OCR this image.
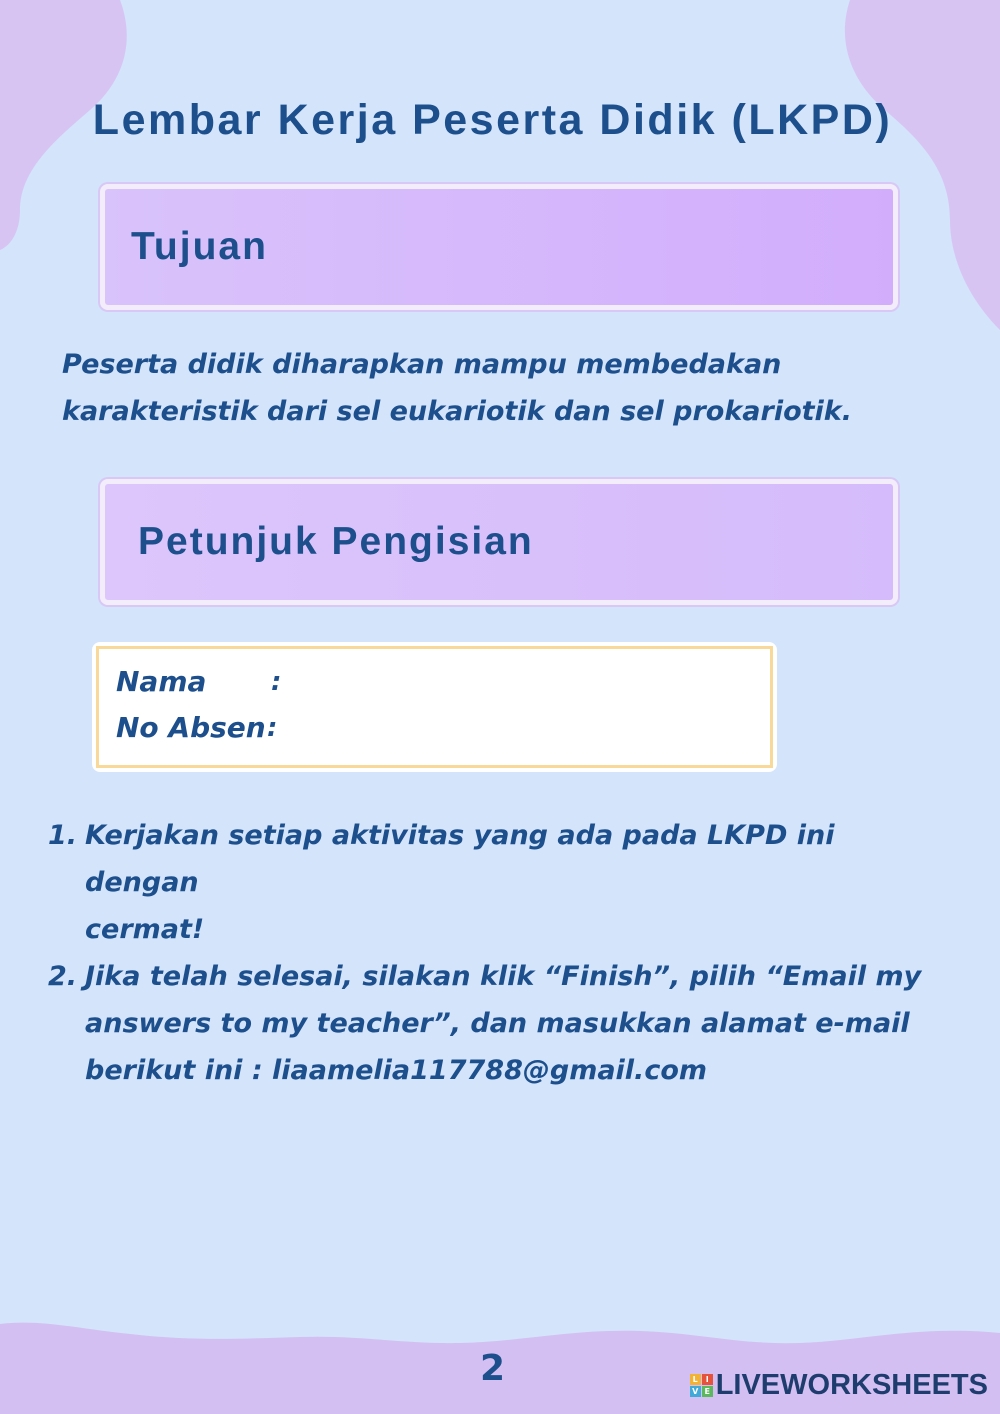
Lembar Kerja Peserta Didik (LKPD)
Tujuan
Peserta didik diharapkan mampu membedakan
karakteristik dari sel eukariotik dan sel prokariotik.
Petunjuk Pengisian
Nama	:
No Absen :
1. Kerjakan setiap aktivitas yang ada pada LKPD ini dengan
cermat!
2. Jika telah selesai, silakan klik “Finish”, pilih “Email my
answers to my teacher”, dan masukkan alamat e-mail
berikut ini : liaamelia117788@gmail.com
2	L I
V E LIVEWORKSHEETS
